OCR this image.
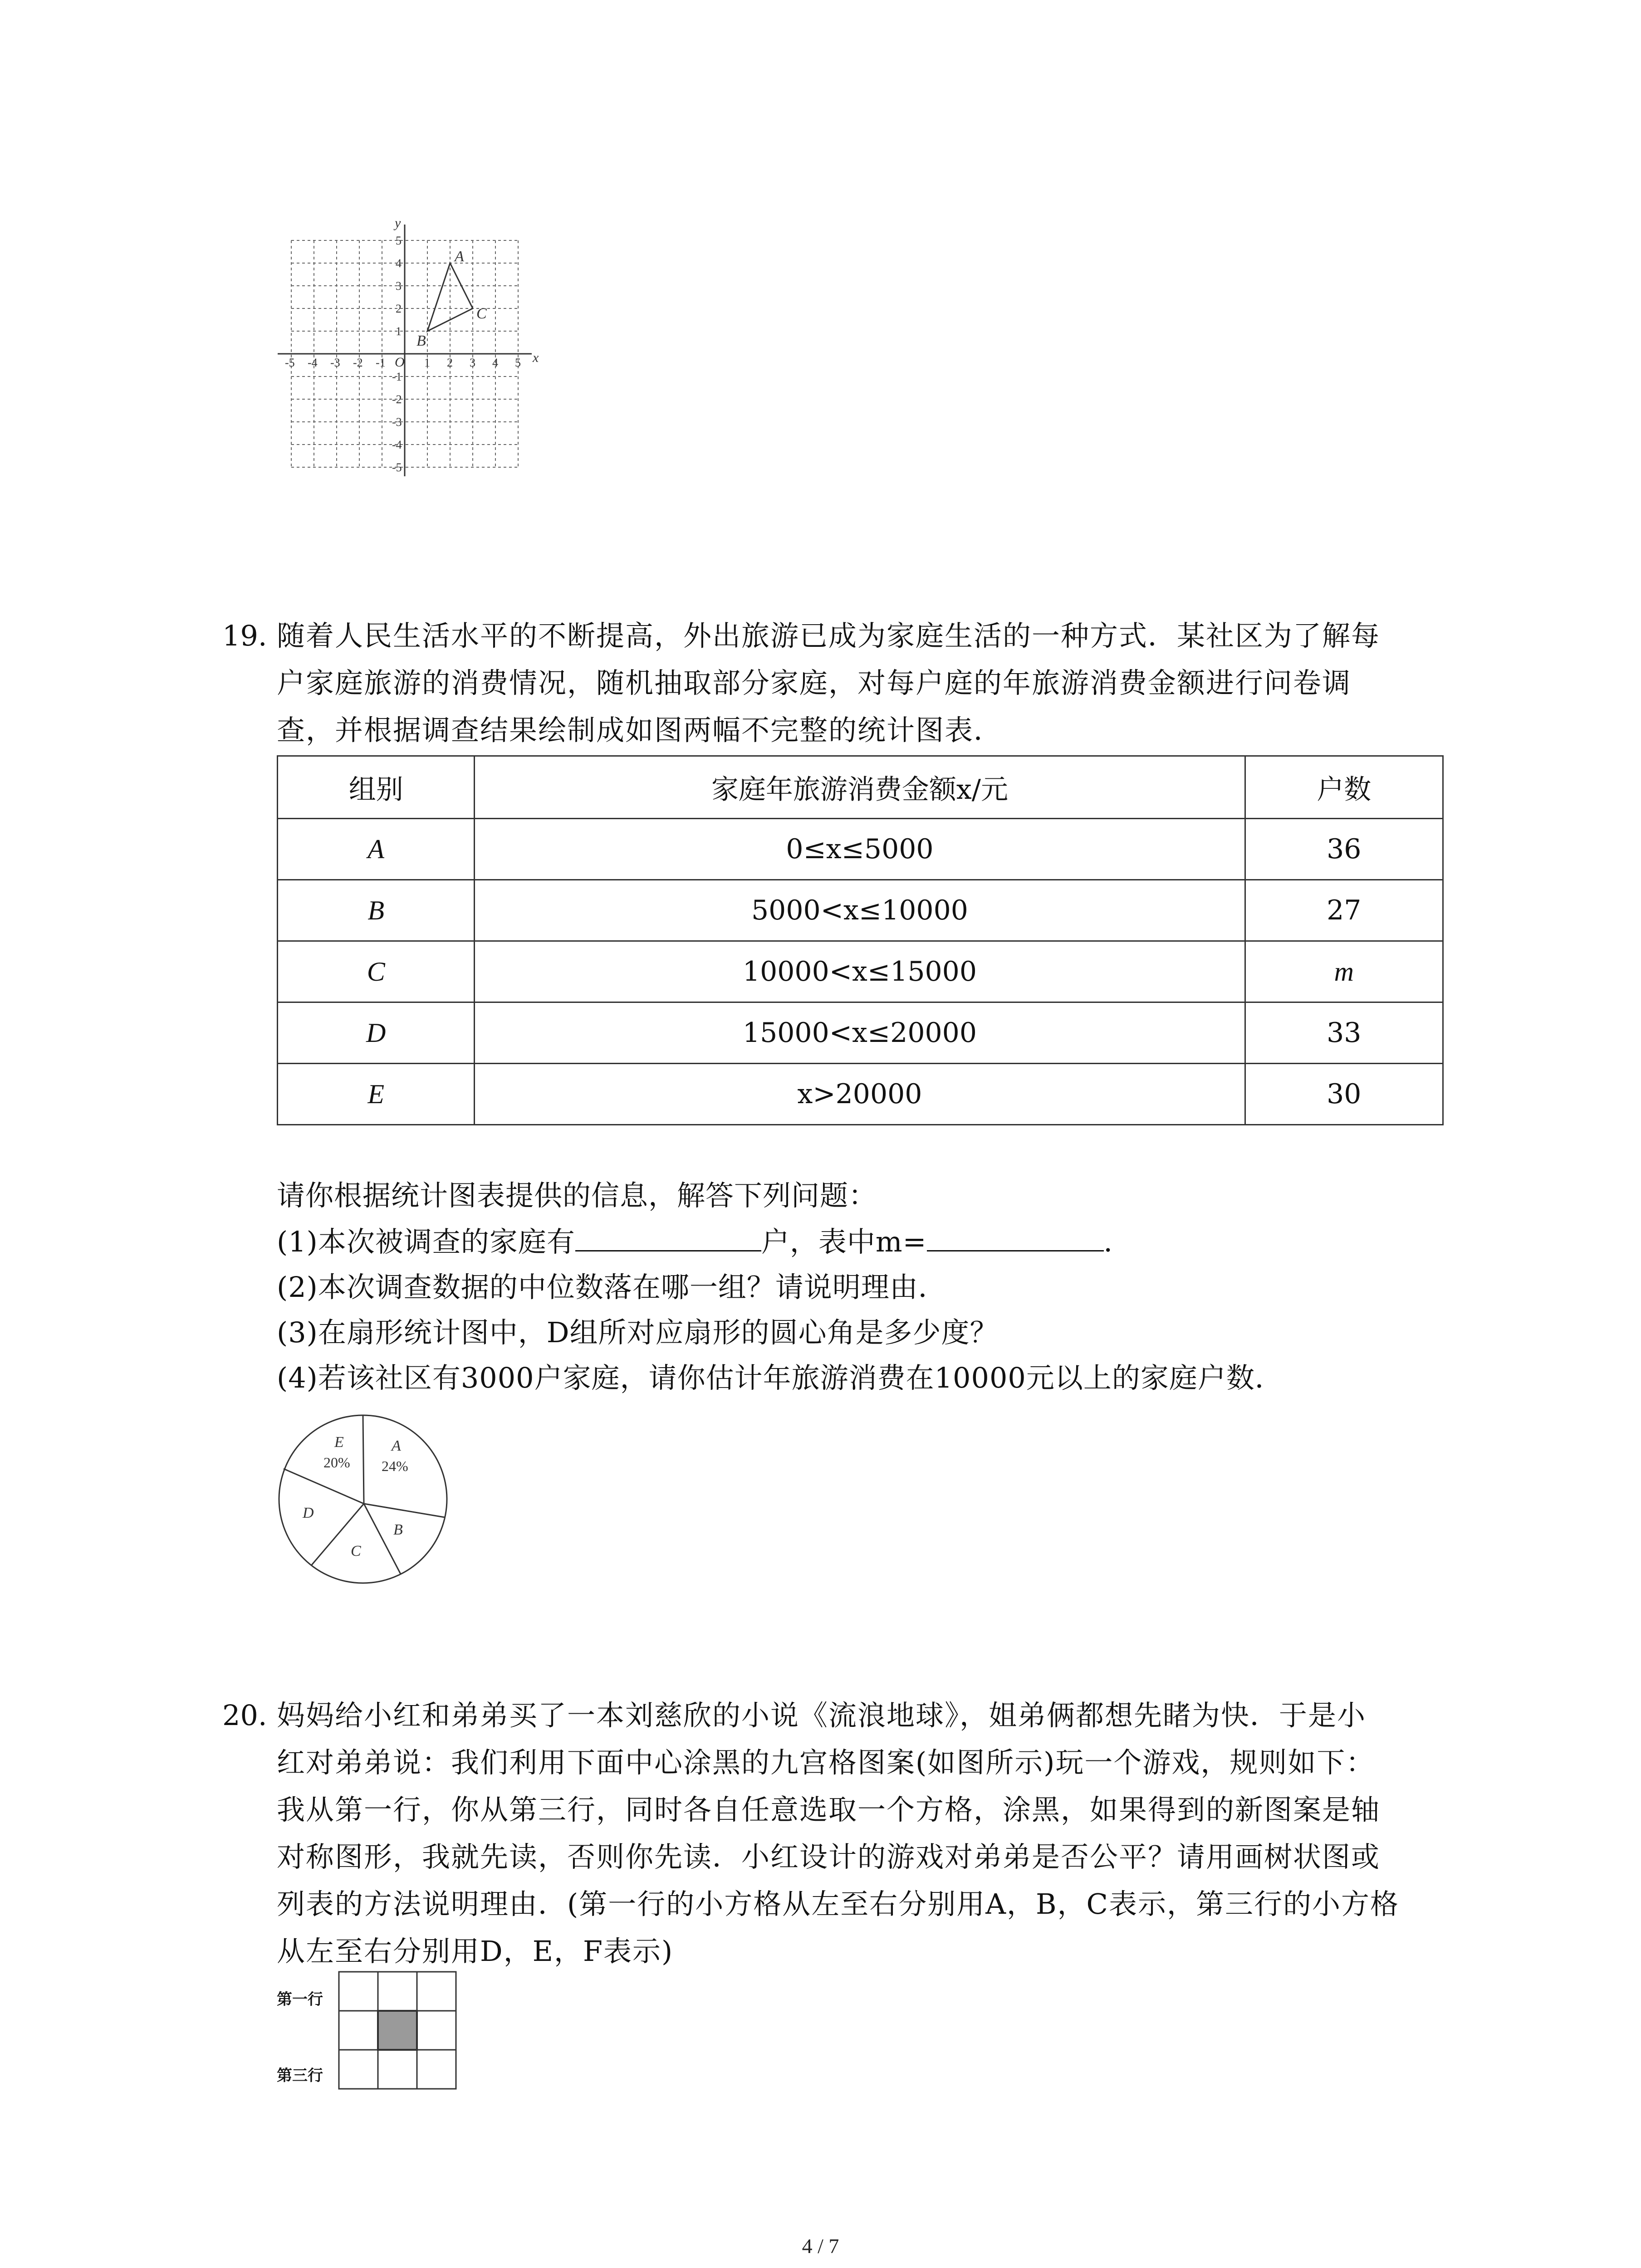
-5 -4 -3 -2 -1	1 2 3 4 5
5
4
3
2
1
-1
-2
-3
-4
-5
A
B
C
x
y
O
19. 随着人民生活水平的不断提高，外出旅游已成为家庭生活的一种方式．某社区为了解每
户家庭旅游的消费情况，随机抽取部分家庭，对每户庭的年旅游消费金额进行问卷调
查，并根据调查结果绘制成如图两幅不完整的统计图表．
组别	家庭年旅游消费金额x/元	户数
A	0≤x≤5000	36
B	5000<x≤10000	27
C	10000<x≤15000	m
D	15000<x≤20000	33
E	x>20000	30
请你根据统计图表提供的信息，解答下列问题：
(1)本次被调查的家庭有	户，表中m=	．
(2)本次调查数据的中位数落在哪一组？请说明理由．
(3)在扇形统计图中，D组所对应扇形的圆心角是多少度？
(4)若该社区有3000户家庭，请你估计年旅游消费在10000元以上的家庭户数．
E
20%
A
24%
D
B
C
20. 妈妈给小红和弟弟买了一本刘慈欣的小说《流浪地球》，姐弟俩都想先睹为快．于是小
红对弟弟说：我们利用下面中心涂黑的九宫格图案(如图所示)玩一个游戏，规则如下：
我从第一行，你从第三行，同时各自任意选取一个方格，涂黑，如果得到的新图案是轴
对称图形，我就先读，否则你先读．小红设计的游戏对弟弟是否公平？请用画树状图或
列表的方法说明理由．(第一行的小方格从左至右分别用A，B，C表示，第三行的小方格
从左至右分别用D，E，F表示)
第一行
第三行
4 / 7
